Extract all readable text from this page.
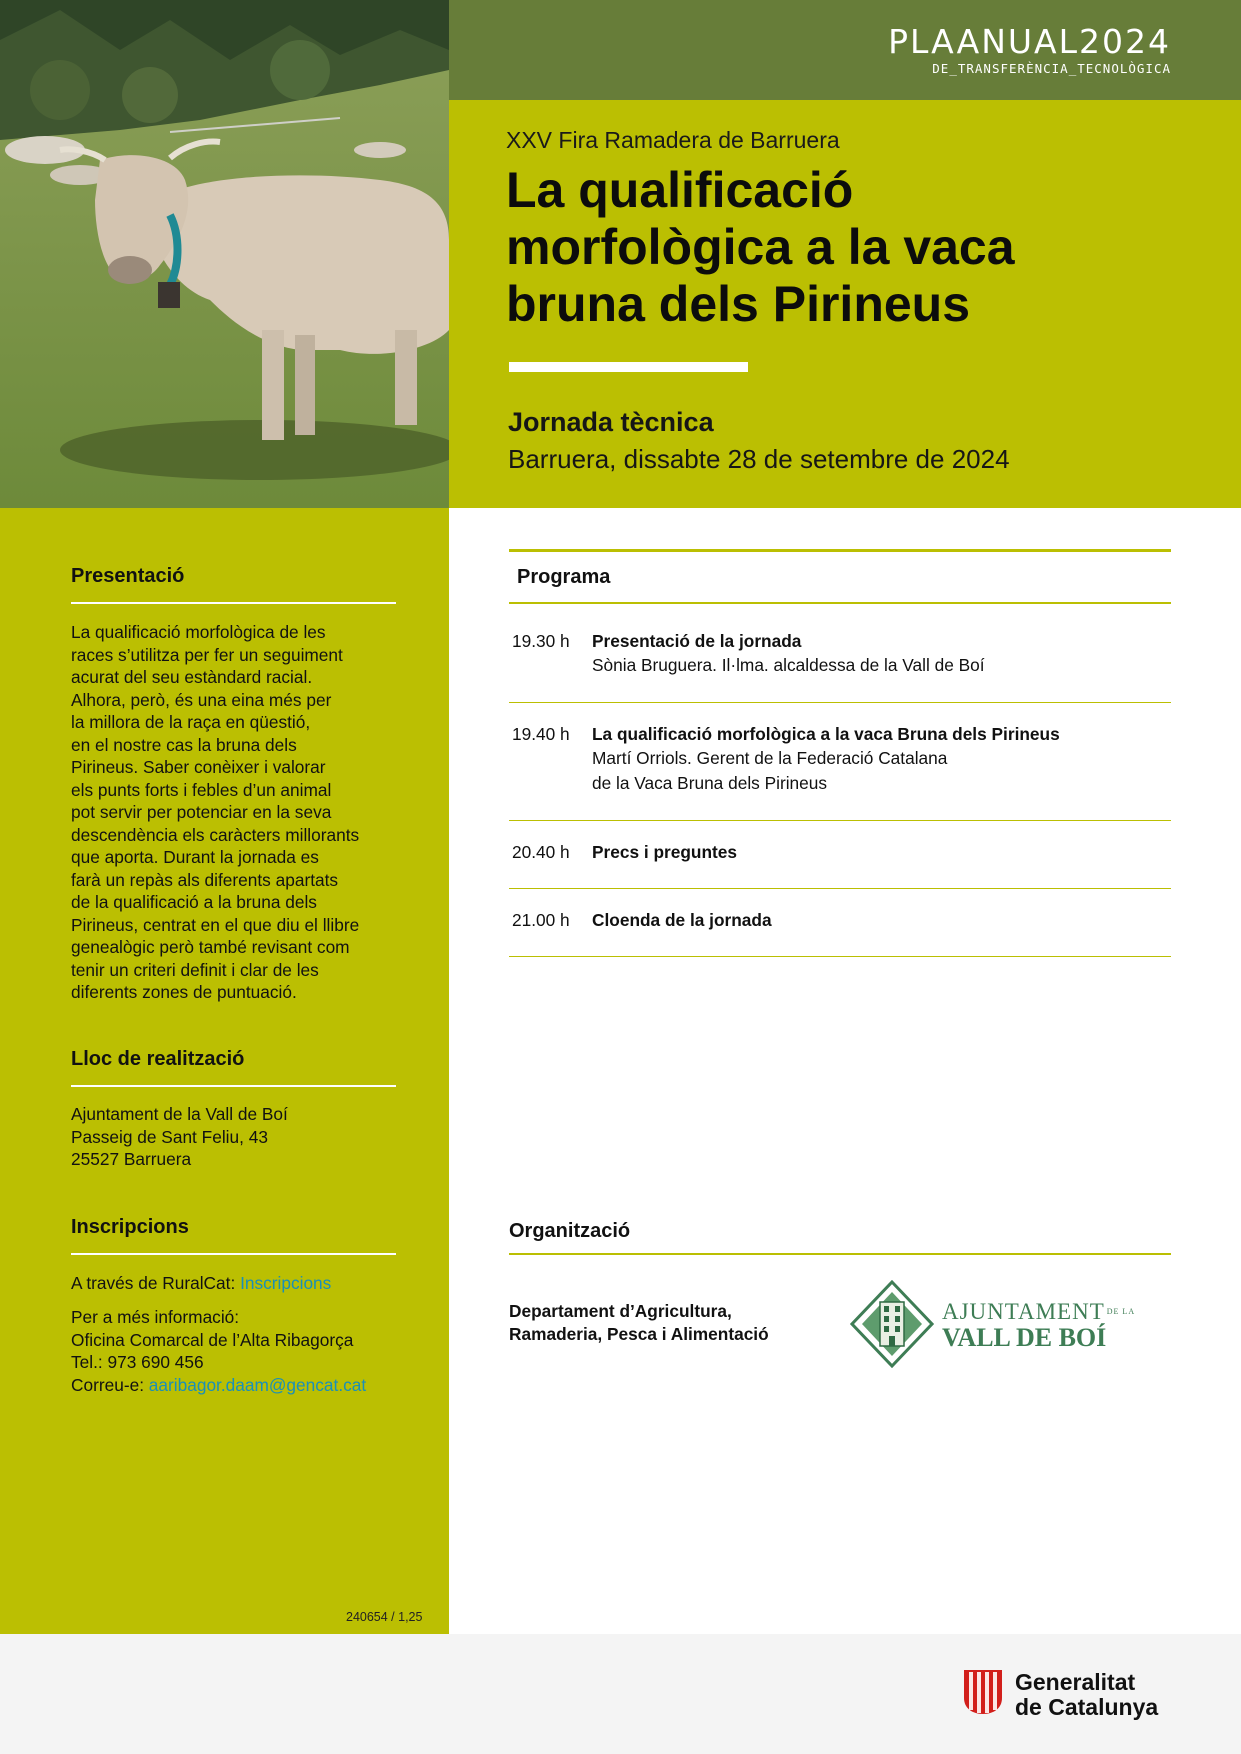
PLAANUAL2024
DE_TRANSFERÈNCIA_TECNOLÒGICA
XXV Fira Ramadera de Barruera
La qualificació
morfològica a la vaca
bruna dels Pirineus
Jornada tècnica
Barruera, dissabte 28 de setembre de 2024
Presentació
La qualificació morfològica de les
races s’utilitza per fer un seguiment
acurat del seu estàndard racial.
Alhora, però, és una eina més per
la millora de la raça en qüestió,
en el nostre cas la bruna dels
Pirineus. Saber conèixer i valorar
els punts forts i febles d’un animal
pot servir per potenciar en la seva
descendència els caràcters millorants
que aporta. Durant la jornada es
farà un repàs als diferents apartats
de la qualificació a la bruna dels
Pirineus, centrat en el que diu el llibre
genealògic però també revisant com
tenir un criteri definit i clar de les
diferents zones de puntuació.
Lloc de realització
Ajuntament de la Vall de Boí
Passeig de Sant Feliu, 43
25527 Barruera
Inscripcions
A través de RuralCat: Inscripcions
Per a més informació:
Oficina Comarcal de l’Alta Ribagorça
Tel.: 973 690 456
Correu-e: aaribagor.daam@gencat.cat
240654 / 1,25
Programa
19.30 h Presentació de la jornada
Sònia Bruguera. Il·lma. alcaldessa de la Vall de Boí
19.40 h La qualificació morfològica a la vaca Bruna dels Pirineus
Martí Orriols. Gerent de la Federació Catalana
de la Vaca Bruna dels Pirineus
20.40 h Precs i preguntes
21.00 h Cloenda de la jornada
Organització
Departament d’Agricultura,
Ramaderia, Pesca i Alimentació
AJUNTAMENT $^{DE LA}$
VALL DE BOÍ
Generalitat
de Catalunya
